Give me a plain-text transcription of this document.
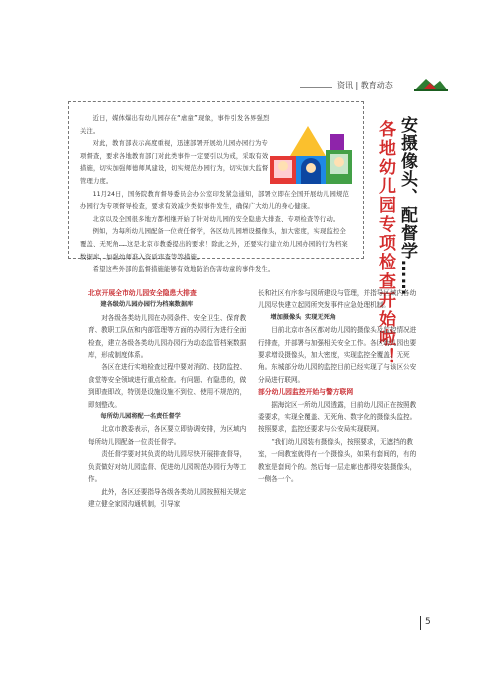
资讯 | 教育动态

近日，媒体爆出有幼儿园存在“虐童”现象，事件引发各界强烈关注。

对此，教育部表示高度重视，迅速部署开展幼儿园办园行为专项督查，要求各地教育部门对此类事件一定要引以为戒，采取有效措施，切实加强师德师风建设，切实规范办园行为，切实加大监督管理力度。

11月24日，国务院教育督导委员会办公室印发紧急通知，部署立即在全国开展幼儿园规范办园行为专项督导检查，要求有效减少类似事件发生，确保广大幼儿的身心健康。

北京以及全国很多地方都相继开始了针对幼儿园的安全隐患大排查、专项检查等行动。

例如，为每所幼儿园配备一位责任督学，各区幼儿园增设摄像头，加大密度，实现监控全覆盖、无死角……这是北京市教委提出的要求！除此之外，还要实行建立幼儿园办园的行为档案数据库，加强幼师准入资质审查等等措施。

希望这些外部的监督措施能够有效地防治伤害幼童的事件发生。	安摄像头、配督学……
各地幼儿园专项检查开始啦！

北京开展全市幼儿园安全隐患大排查

建各级幼儿园办园行为档案数据库

对各级各类幼儿园在办园条件、安全卫生、保育教育、教职工队伍和内部管理等方面的办园行为进行全面检查，建立各级各类幼儿园办园行为动态监管档案数据库，形成制度体系。

各区在进行实地检查过程中要对消防、技防监控、食堂等安全领域进行重点检查。有问题、有隐患的，做到即查即改，特别是设施设施不到位、使用不规范的，即刻整改。

每所幼儿园将配一名责任督学

北京市教委表示，各区要立即协调安排，为区域内每所幼儿园配备一位责任督学。

责任督学要对其负责的幼儿园尽快开展排查督导，负责做好对幼儿园监督、促进幼儿园规范办园行为等工作。

此外，各区还要指导各级各类幼儿园按照相关规定建立健全家园沟通机制，引导家

长和社区有序参与园所建设与管理，并指导区域内各幼儿园尽快建立起园所突发事件应急处理机制。

增加摄像头 实现无死角

目前北京市各区都对幼儿园的摄像头及监控情况进行排查，并部署与加强相关安全工作。各区幼儿园也要要求增设摄像头，加大密度，实现监控全覆盖、无死角。东城部分幼儿园的监控目前已经实现了与该区公安分局进行联网。

部分幼儿园监控开始与警方联网

据海淀区一所幼儿园透露，目前幼儿园正在按照教委要求，实现全覆盖、无死角、数字化的摄像头监控。按照要求，监控还要求与公安局实现联网。

“我们幼儿园装有摄像头，按照要求，无遮挡的教室，一间教室就得有一个摄像头，如果有套间的，有的教室是套间个的。然后每一层走廊也都得安装摄像头，一侧各一个。

5
